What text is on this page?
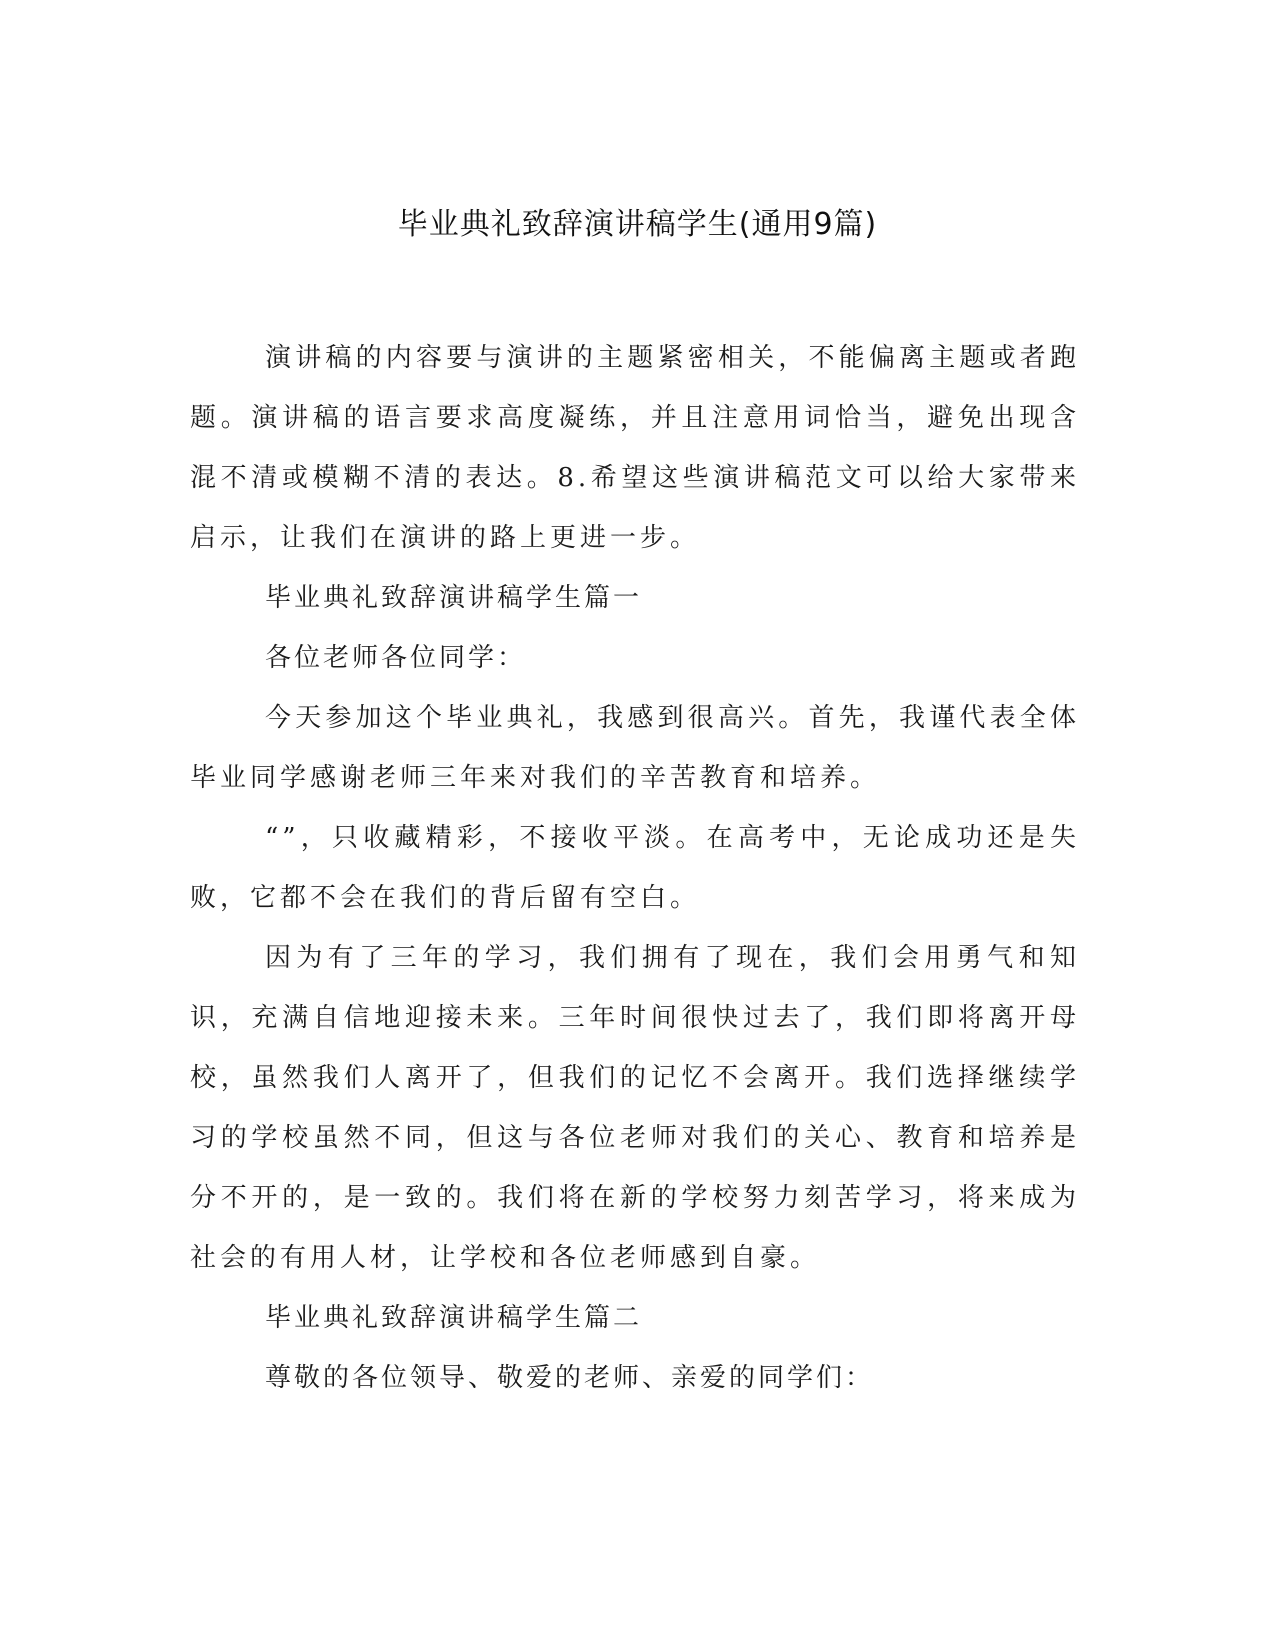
毕业典礼致辞演讲稿学生(通用9篇)

演讲稿的内容要与演讲的主题紧密相关，不能偏离主题或者跑题。演讲稿的语言要求高度凝练，并且注意用词恰当，避免出现含混不清或模糊不清的表达。8.希望这些演讲稿范文可以给大家带来启示，让我们在演讲的路上更进一步。

毕业典礼致辞演讲稿学生篇一

各位老师各位同学：

今天参加这个毕业典礼，我感到很高兴。首先，我谨代表全体毕业同学感谢老师三年来对我们的辛苦教育和培养。

“”，只收藏精彩，不接收平淡。在高考中，无论成功还是失败，它都不会在我们的背后留有空白。

因为有了三年的学习，我们拥有了现在，我们会用勇气和知识，充满自信地迎接未来。三年时间很快过去了，我们即将离开母校，虽然我们人离开了，但我们的记忆不会离开。我们选择继续学习的学校虽然不同，但这与各位老师对我们的关心、教育和培养是分不开的，是一致的。我们将在新的学校努力刻苦学习，将来成为社会的有用人材，让学校和各位老师感到自豪。

毕业典礼致辞演讲稿学生篇二

尊敬的各位领导、敬爱的老师、亲爱的同学们：
